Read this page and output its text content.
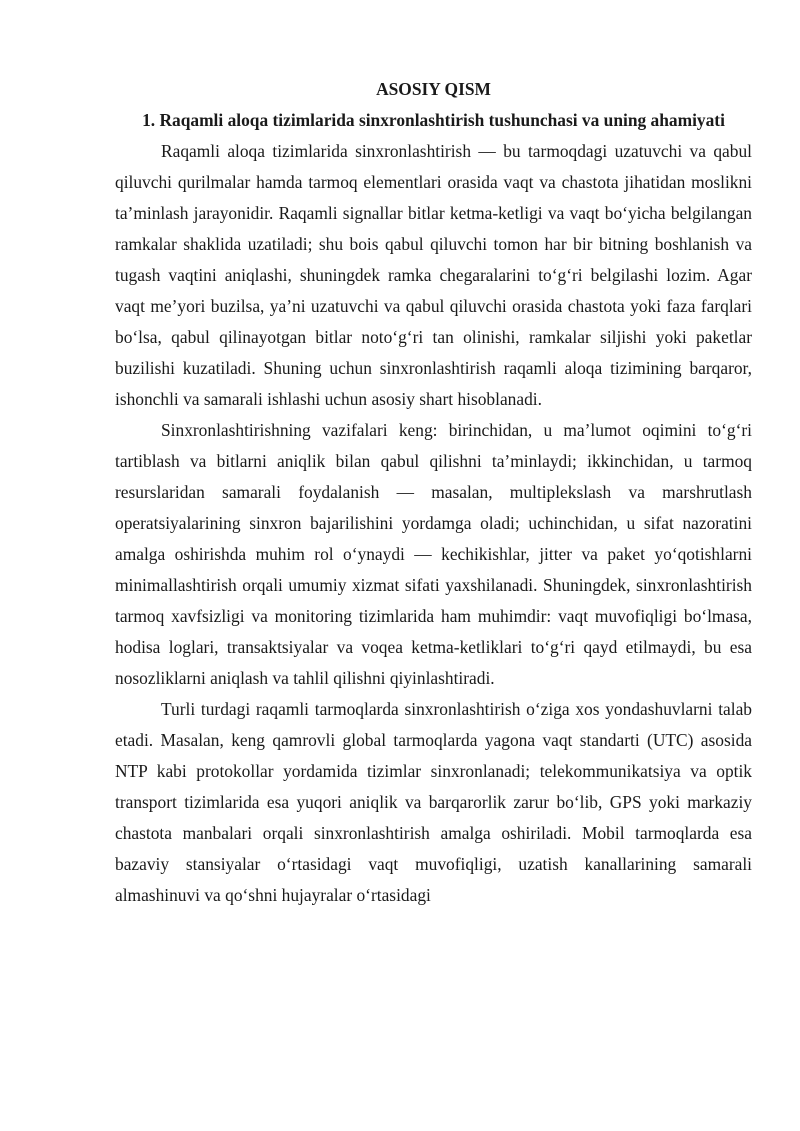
ASOSIY QISM

1. Raqamli aloqa tizimlarida sinxronlashtirish tushunchasi va uning ahamiyati

Raqamli aloqa tizimlarida sinxronlashtirish — bu tarmoqdagi uzatuvchi va qabul qiluvchi qurilmalar hamda tarmoq elementlari orasida vaqt va chastota jihatidan moslikni ta’minlash jarayonidir. Raqamli signallar bitlar ketma-ketligi va vaqt bo‘yicha belgilangan ramkalar shaklida uzatiladi; shu bois qabul qiluvchi tomon har bir bitning boshlanish va tugash vaqtini aniqlashi, shuningdek ramka chegaralarini to‘g‘ri belgilashi lozim. Agar vaqt me’yori buzilsa, ya’ni uzatuvchi va qabul qiluvchi orasida chastota yoki faza farqlari bo‘lsa, qabul qilinayotgan bitlar noto‘g‘ri tan olinishi, ramkalar siljishi yoki paketlar buzilishi kuzatiladi. Shuning uchun sinxronlashtirish raqamli aloqa tizimining barqaror, ishonchli va samarali ishlashi uchun asosiy shart hisoblanadi.

Sinxronlashtirishning vazifalari keng: birinchidan, u ma’lumot oqimini to‘g‘ri tartiblash va bitlarni aniqlik bilan qabul qilishni ta’minlaydi; ikkinchidan, u tarmoq resurslaridan samarali foydalanish — masalan, multiplekslash va marshrutlash operatsiyalarining sinxron bajarilishini yordamga oladi; uchinchidan, u sifat nazoratini amalga oshirishda muhim rol o‘ynaydi — kechikishlar, jitter va paket yo‘qotishlarni minimallashtirish orqali umumiy xizmat sifati yaxshilanadi. Shuningdek, sinxronlashtirish tarmoq xavfsizligi va monitoring tizimlarida ham muhimdir: vaqt muvofiqligi bo‘lmasa, hodisa loglari, transaktsiyalar va voqea ketma-ketliklari to‘g‘ri qayd etilmaydi, bu esa nosozliklarni aniqlash va tahlil qilishni qiyinlashtiradi.

Turli turdagi raqamli tarmoqlarda sinxronlashtirish o‘ziga xos yondashuvlarni talab etadi. Masalan, keng qamrovli global tarmoqlarda yagona vaqt standarti (UTC) asosida NTP kabi protokollar yordamida tizimlar sinxronlanadi; telekommunikatsiya va optik transport tizimlarida esa yuqori aniqlik va barqarorlik zarur bo‘lib, GPS yoki markaziy chastota manbalari orqali sinxronlashtirish amalga oshiriladi. Mobil tarmoqlarda esa bazaviy stansiyalar o‘rtasidagi vaqt muvofiqligi, uzatish kanallarining samarali almashinuvi va qo‘shni hujayralar o‘rtasidagi
